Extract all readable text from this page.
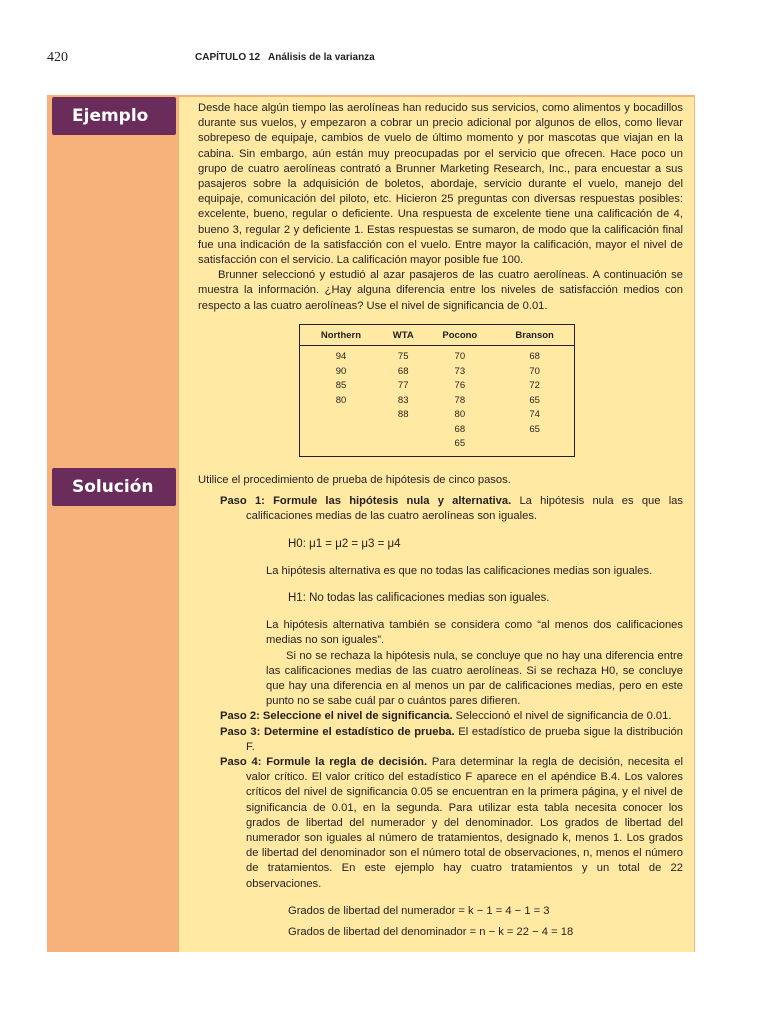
420	CAPÍTULO 12 Análisis de la varianza
Ejemplo
Solución

Desde hace algún tiempo las aerolíneas han reducido sus servicios, como alimentos y bocadillos durante sus vuelos, y empezaron a cobrar un precio adicional por algunos de ellos, como llevar sobrepeso de equipaje, cambios de vuelo de último momento y por mascotas que viajan en la cabina. Sin embargo, aún están muy preocupadas por el servicio que ofrecen. Hace poco un grupo de cuatro aerolíneas contrató a Brunner Marketing Research, Inc., para encuestar a sus pasajeros sobre la adquisición de boletos, abordaje, servicio durante el vuelo, manejo del equipaje, comunicación del piloto, etc. Hicieron 25 preguntas con diversas respuestas posibles: excelente, bueno, regular o deficiente. Una respuesta de excelente tiene una calificación de 4, bueno 3, regular 2 y deficiente 1. Estas respuestas se sumaron, de modo que la calificación final fue una indicación de la satisfacción con el vuelo. Entre mayor la calificación, mayor el nivel de satisfacción con el servicio. La calificación mayor posible fue 100.

Brunner seleccionó y estudió al azar pasajeros de las cuatro aerolíneas. A continuación se muestra la información. ¿Hay alguna diferencia entre los niveles de satisfacción medios con respecto a las cuatro aerolíneas? Use el nivel de significancia de 0.01.

Northern	WTA	Pocono	Branson
94	75	70	68
90	68	73	70
85	77	76	72
80	83	78	65
	88	80	74
		68	65
		65	

Utilice el procedimiento de prueba de hipótesis de cinco pasos.

Paso 1: Formule las hipótesis nula y alternativa. La hipótesis nula es que las calificaciones medias de las cuatro aerolíneas son iguales.

H0: μ1 = μ2 = μ3 = μ4

La hipótesis alternativa es que no todas las calificaciones medias son iguales.

H1: No todas las calificaciones medias son iguales.

La hipótesis alternativa también se considera como “al menos dos calificaciones medias no son iguales”.

Si no se rechaza la hipótesis nula, se concluye que no hay una diferencia entre las calificaciones medias de las cuatro aerolíneas. Si se rechaza H0, se concluye que hay una diferencia en al menos un par de calificaciones medias, pero en este punto no se sabe cuál par o cuántos pares difieren.

Paso 2: Seleccione el nivel de significancia. Seleccionó el nivel de significancia de 0.01.

Paso 3: Determine el estadístico de prueba. El estadístico de prueba sigue la distribución F.

Paso 4: Formule la regla de decisión. Para determinar la regla de decisión, necesita el valor crítico. El valor crítico del estadístico F aparece en el apéndice B.4. Los valores críticos del nivel de significancia 0.05 se encuentran en la primera página, y el nivel de significancia de 0.01, en la segunda. Para utilizar esta tabla necesita conocer los grados de libertad del numerador y del denominador. Los grados de libertad del numerador son iguales al número de tratamientos, designado k, menos 1. Los grados de libertad del denominador son el número total de observaciones, n, menos el número de tratamientos. En este ejemplo hay cuatro tratamientos y un total de 22 observaciones.

Grados de libertad del numerador = k − 1 = 4 − 1 = 3

Grados de libertad del denominador = n − k = 22 − 4 = 18
